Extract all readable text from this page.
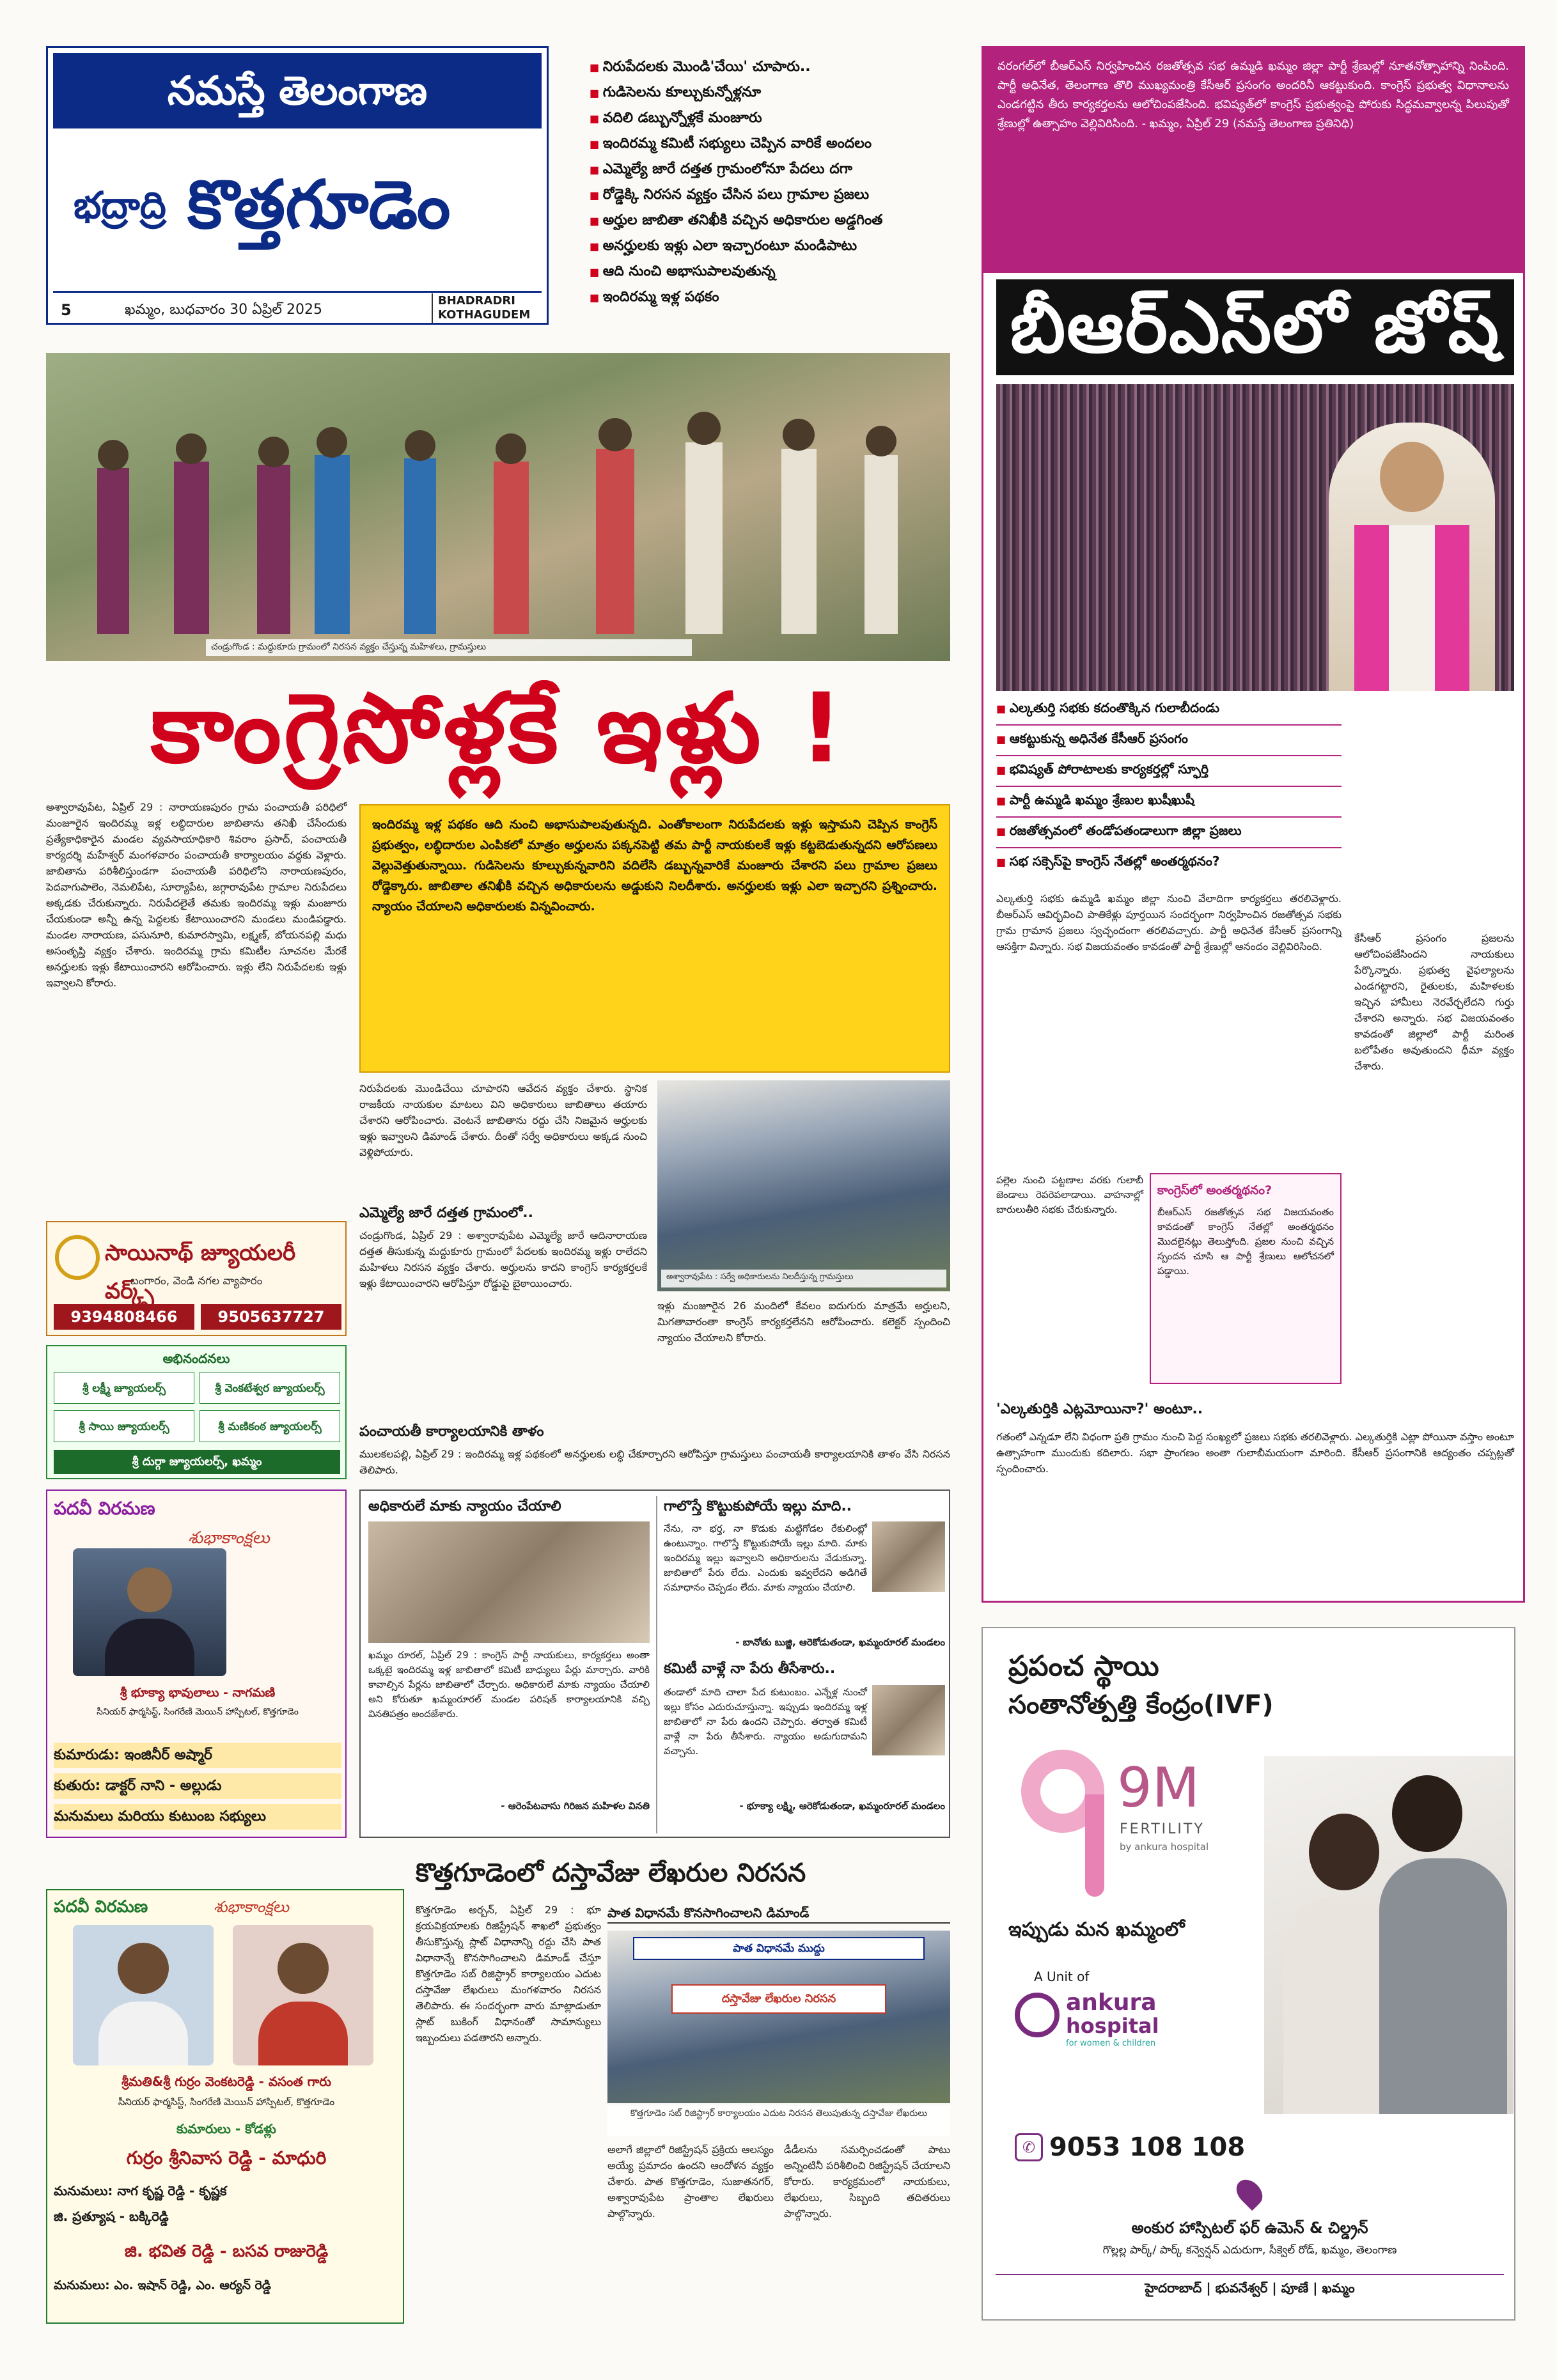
నమస్తే తెలంగాణ
భద్రాద్రి కొత్తగూడెం
5	ఖమ్మం, బుధవారం 30 ఏప్రిల్ 2025
BHADRADRI
KOTHAGUDEM
■ నిరుపేదలకు మొండి'చేయి' చూపారు..
■ గుడిసెలను కూల్చుకున్నోళ్లనూ
■ వదిలి డబ్బున్నోళ్లకే మంజూరు
■ ఇందిరమ్మ కమిటీ సభ్యులు చెప్పిన వారికే అందలం
■ ఎమ్మెల్యే జారే దత్తత గ్రామంలోనూ పేదలు దగా
■ రోడ్డెక్కి నిరసన వ్యక్తం చేసిన పలు గ్రామాల ప్రజలు
■ అర్హుల జాబితా తనిఖీకి వచ్చిన అధికారుల అడ్డగింత
■ అనర్హులకు ఇళ్లు ఎలా ఇచ్చారంటూ మండిపాటు
■ ఆది నుంచి అభాసుపాలవుతున్న
■ ఇందిరమ్మ ఇళ్ల పథకం
చండ్రుగొండ : మద్దుకూరు గ్రామంలో నిరసన వ్యక్తం చేస్తున్న మహిళలు, గ్రామస్తులు
కాంగ్రెసోళ్లకే ఇళ్లు !
అశ్వారావుపేట, ఏప్రిల్ 29 : నారాయణపురం గ్రామ పంచాయతీ పరిధిలో మంజూరైన ఇందిరమ్మ ఇళ్ల లబ్ధిదారుల జాబితాను తనిఖీ చేసేందుకు ప్రత్యేకాధికారైన మండల వ్యవసాయాధికారి శివరాం ప్రసాద్, పంచాయతీ కార్యదర్శి మహేశ్వర్ మంగళవారం పంచాయతీ కార్యాలయం వద్దకు వెళ్లారు. జాబితాను పరిశీలిస్తుండగా పంచాయతీ పరిధిలోని నారాయణపురం, పెదవాగుపాలెం, నెమలిపేట, సూర్యాపేట, జగ్గారావుపేట గ్రామాల నిరుపేదలు అక్కడకు చేరుకున్నారు. నిరుపేదలైతే తమకు ఇందిరమ్మ ఇళ్లు మంజూరు చేయకుండా అన్నీ ఉన్న పెద్దలకు కేటాయించారని మండలు మండిపడ్డారు. మండల నారాయణ, పసునూరి, కుమారస్వామి, లక్ష్మణ్, బోయనపల్లి మధు అసంతృప్తి వ్యక్తం చేశారు. ఇందిరమ్మ గ్రామ కమిటీల సూచనల మేరకే అనర్హులకు ఇళ్లు కేటాయించారని ఆరోపించారు. ఇళ్లు లేని నిరుపేదలకు ఇళ్లు ఇవ్వాలని కోరారు.
ఇందిరమ్మ ఇళ్ల పథకం ఆది నుంచి అభాసుపాలవుతున్నది. ఎంతోకాలంగా నిరుపేదలకు ఇళ్లు ఇస్తామని చెప్పిన కాంగ్రెస్ ప్రభుత్వం, లబ్ధిదారుల ఎంపికలో మాత్రం అర్హులను పక్కనపెట్టి తమ పార్టీ నాయకులకే ఇళ్లు కట్టబెడుతున్నదని ఆరోపణలు వెల్లువెత్తుతున్నాయి. గుడిసెలను కూల్చుకున్నవారిని వదిలేసి డబ్బున్నవారికే మంజూరు చేశారని పలు గ్రామాల ప్రజలు రోడ్డెక్కారు. జాబితాల తనిఖీకి వచ్చిన అధికారులను అడ్డుకుని నిలదీశారు. అనర్హులకు ఇళ్లు ఎలా ఇచ్చారని ప్రశ్నించారు. న్యాయం చేయాలని అధికారులకు విన్నవించారు.
నిరుపేదలకు మొండిచేయి చూపారని ఆవేదన వ్యక్తం చేశారు. స్థానిక రాజకీయ నాయకుల మాటలు విని అధికారులు జాబితాలు తయారు చేశారని ఆరోపించారు. వెంటనే జాబితాను రద్దు చేసి నిజమైన అర్హులకు ఇళ్లు ఇవ్వాలని డిమాండ్ చేశారు. దీంతో సర్వే అధికారులు అక్కడ నుంచి వెళ్లిపోయారు.
అశ్వారావుపేట : సర్వే అధికారులను నిలదీస్తున్న గ్రామస్తులు
ఎమ్మెల్యే జారే దత్తత గ్రామంలో..
చండ్రుగొండ, ఏప్రిల్ 29 : అశ్వారావుపేట ఎమ్మెల్యే జారే ఆదినారాయణ దత్తత తీసుకున్న మద్దుకూరు గ్రామంలో పేదలకు ఇందిరమ్మ ఇళ్లు రాలేదని మహిళలు నిరసన వ్యక్తం చేశారు. అర్హులను కాదని కాంగ్రెస్ కార్యకర్తలకే ఇళ్లు కేటాయించారని ఆరోపిస్తూ రోడ్డుపై బైఠాయించారు.
ఇళ్లు మంజూరైన 26 మందిలో కేవలం ఐదుగురు మాత్రమే అర్హులని, మిగతావారంతా కాంగ్రెస్ కార్యకర్తలేనని ఆరోపించారు. కలెక్టర్ స్పందించి న్యాయం చేయాలని కోరారు.
పంచాయతీ కార్యాలయానికి తాళం
ములకలపల్లి, ఏప్రిల్ 29 : ఇందిరమ్మ ఇళ్ల పథకంలో అనర్హులకు లబ్ధి చేకూర్చారని ఆరోపిస్తూ గ్రామస్తులు పంచాయతీ కార్యాలయానికి తాళం వేసి నిరసన తెలిపారు.
సాయినాథ్ జ్యూయలరీ వర్క్స్
బంగారం, వెండి నగల వ్యాపారం
9394808466	9505637727
అభినందనలు
శ్రీ లక్ష్మీ జ్యూయలర్స్	శ్రీ వెంకటేశ్వర జ్యూయలర్స్
శ్రీ సాయి జ్యూయలర్స్	శ్రీ మణికంఠ జ్యూయలర్స్
శ్రీ దుర్గా జ్యూయలర్స్, ఖమ్మం
పదవీ విరమణ
శుభాకాంక్షలు
శ్రీ భూక్యా భావులాలు - నాగమణి
సీనియర్ ఫార్మసిస్ట్, సింగరేణి మెయిన్ హాస్పిటల్, కొత్తగూడెం
కుమారుడు: ఇంజినీర్ అష్మార్
కుతురు: డాక్టర్ నాని - అల్లుడు
మనుమలు మరియు కుటుంబ సభ్యులు
పదవీ విరమణ	శుభాకాంక్షలు
శ్రీమతి&శ్రీ గుర్రం వెంకటరెడ్డి - వసంత గారు
సీనియర్ ఫార్మసిస్ట్, సింగరేణి మెయిన్ హాస్పిటల్, కొత్తగూడెం
కుమారులు - కోడళ్లు
గుర్రం శ్రీనివాస రెడ్డి - మాధురి
మనుమలు: నాగ కృష్ణ రెడ్డి - కృష్ణక
జి. ప్రత్యూష - బక్కిరెడ్డి
జి. భవిత రెడ్డి - బసవ రాజురెడ్డి
మనుమలు: ఎం. ఇషాన్ రెడ్డి, ఎం. ఆర్యన్ రెడ్డి
అధికారులే మాకు న్యాయం చేయాలి
ఖమ్మం రూరల్, ఏప్రిల్ 29 : కాంగ్రెస్ పార్టీ నాయకులు, కార్యకర్తలు అంతా ఒక్కటై ఇందిరమ్మ ఇళ్ల జాబితాలో కమిటీ బాధ్యులు పేర్లు మార్చారు. వారికి కావాల్సిన పేర్లను జాబితాలో చేర్చారు. అధికారులే మాకు న్యాయం చేయాలి అని కోరుతూ ఖమ్మంరూరల్ మండల పరిషత్ కార్యాలయానికి వచ్చి వినతిపత్రం అందజేశారు.
- ఆరెంపేటవాసు గిరిజన మహిళల వినతి
గాలొస్తే కొట్టుకుపోయే ఇల్లు మాది..
నేను, నా భర్త, నా కొడుకు మట్టిగోడల రేకులింట్లో ఉంటున్నాం. గాలొస్తే కొట్టుకుపోయే ఇల్లు మాది. మాకు ఇందిరమ్మ ఇల్లు ఇవ్వాలని అధికారులను వేడుకున్నా. జాబితాలో పేరు లేదు. ఎందుకు ఇవ్వలేదని అడిగితే సమాధానం చెప్పడం లేదు. మాకు న్యాయం చేయాలి.
- బానోతు బుజ్జి, ఆరెకోడుతండా, ఖమ్మంరూరల్ మండలం
కమిటీ వాళ్లే నా పేరు తీసేశారు..
తండాలో మాది చాలా పేద కుటుంబం. ఎన్నేళ్ల నుంచో ఇల్లు కోసం ఎదురుచూస్తున్నా. ఇప్పుడు ఇందిరమ్మ ఇళ్ల జాబితాలో నా పేరు ఉందని చెప్పారు. తర్వాత కమిటీ వాళ్లే నా పేరు తీసేశారు. న్యాయం అడుగుదామని వచ్చాను.
- భూక్యా లక్ష్మి, ఆరెకోడుతండా, ఖమ్మంరూరల్ మండలం
కొత్తగూడెంలో దస్తావేజు లేఖరుల నిరసన
కొత్తగూడెం అర్బన్, ఏప్రిల్ 29 : భూ క్రయవిక్రయాలకు రిజిస్ట్రేషన్ శాఖలో ప్రభుత్వం తీసుకొస్తున్న స్లాట్ విధానాన్ని రద్దు చేసి పాత విధానాన్నే కొనసాగించాలని డిమాండ్ చేస్తూ కొత్తగూడెం సబ్ రిజిస్ట్రార్ కార్యాలయం ఎదుట దస్తావేజు లేఖరులు మంగళవారం నిరసన తెలిపారు. ఈ సందర్భంగా వారు మాట్లాడుతూ స్లాట్ బుకింగ్ విధానంతో సామాన్యులు ఇబ్బందులు పడతారని అన్నారు.
పాత విధానమే కొనసాగించాలని డిమాండ్
పాత విధానమే ముద్దు
దస్తావేజు లేఖరుల నిరసన
కొత్తగూడెం సబ్ రిజిస్ట్రార్ కార్యాలయం ఎదుట నిరసన తెలుపుతున్న దస్తావేజు లేఖరులు
అలాగే జిల్లాలో రిజిస్ట్రేషన్ ప్రక్రియ ఆలస్యం అయ్యే ప్రమాదం ఉందని ఆందోళన వ్యక్తం చేశారు. పాత కొత్తగూడెం, సుజాతనగర్, అశ్వారావుపేట ప్రాంతాల లేఖరులు పాల్గొన్నారు.
డీడీలను సమర్పించడంతో పాటు అన్నింటినీ పరిశీలించి రిజిస్ట్రేషన్ చేయాలని కోరారు. కార్యక్రమంలో నాయకులు, లేఖరులు, సిబ్బంది తదితరులు పాల్గొన్నారు.
వరంగల్‌లో బీఆర్‌ఎస్ నిర్వహించిన రజతోత్సవ సభ ఉమ్మడి ఖమ్మం జిల్లా పార్టీ శ్రేణుల్లో నూతనోత్సాహాన్ని నింపింది. పార్టీ అధినేత, తెలంగాణ తొలి ముఖ్యమంత్రి కేసీఆర్ ప్రసంగం అందరినీ ఆకట్టుకుంది. కాంగ్రెస్ ప్రభుత్వ విధానాలను ఎండగట్టిన తీరు కార్యకర్తలను ఆలోచింపజేసింది. భవిష్యత్‌లో కాంగ్రెస్ ప్రభుత్వంపై పోరుకు సిద్ధమవ్వాలన్న పిలుపుతో శ్రేణుల్లో ఉత్సాహం వెల్లివిరిసింది. - ఖమ్మం, ఏప్రిల్ 29 (నమస్తే తెలంగాణ ప్రతినిధి)
బీఆర్‌ఎస్‌లో జోష్
■ ఎల్కతుర్తి సభకు కదంతొక్కిన గులాబీదండు
■ ఆకట్టుకున్న అధినేత కేసీఆర్ ప్రసంగం
■ భవిష్యత్ పోరాటాలకు కార్యకర్తల్లో స్ఫూర్తి
■ పార్టీ ఉమ్మడి ఖమ్మం శ్రేణుల ఖుషీఖుషీ
■ రజతోత్సవంలో తండోపతండాలుగా జిల్లా ప్రజలు
■ సభ సక్సెస్‌పై కాంగ్రెస్ నేతల్లో అంతర్మథనం?
ఎల్కతుర్తి సభకు ఉమ్మడి ఖమ్మం జిల్లా నుంచి వేలాదిగా కార్యకర్తలు తరలివెళ్లారు. బీఆర్‌ఎస్ ఆవిర్భవించి పాతికేళ్లు పూర్తయిన సందర్భంగా నిర్వహించిన రజతోత్సవ సభకు గ్రామ గ్రామాన ప్రజలు స్వచ్ఛందంగా తరలివచ్చారు. పార్టీ అధినేత కేసీఆర్ ప్రసంగాన్ని ఆసక్తిగా విన్నారు. సభ విజయవంతం కావడంతో పార్టీ శ్రేణుల్లో ఆనందం వెల్లివిరిసింది.
కేసీఆర్ ప్రసంగం ప్రజలను ఆలోచింపజేసిందని నాయకులు పేర్కొన్నారు. ప్రభుత్వ వైఫల్యాలను ఎండగట్టారని, రైతులకు, మహిళలకు ఇచ్చిన హామీలు నెరవేర్చలేదని గుర్తు చేశారని అన్నారు. సభ విజయవంతం కావడంతో జిల్లాలో పార్టీ మరింత బలోపేతం అవుతుందని ధీమా వ్యక్తం చేశారు.
కాంగ్రెస్‌లో అంతర్మథనం?
బీఆర్‌ఎస్ రజతోత్సవ సభ విజయవంతం కావడంతో కాంగ్రెస్ నేతల్లో అంతర్మథనం మొదలైనట్లు తెలుస్తోంది. ప్రజల నుంచి వచ్చిన స్పందన చూసి ఆ పార్టీ శ్రేణులు ఆలోచనలో పడ్డాయి.
పల్లెల నుంచి పట్టణాల వరకు గులాబీ జెండాలు రెపరెపలాడాయి. వాహనాల్లో బారులుతీరి సభకు చేరుకున్నారు.
'ఎల్కతుర్తికి ఎట్లమోయినా?' అంటూ..
గతంలో ఎన్నడూ లేని విధంగా ప్రతి గ్రామం నుంచి పెద్ద సంఖ్యలో ప్రజలు సభకు తరలివెళ్లారు. ఎల్కతుర్తికి ఎట్లా పోయినా వస్తాం అంటూ ఉత్సాహంగా ముందుకు కదిలారు. సభా ప్రాంగణం అంతా గులాబీమయంగా మారింది. కేసీఆర్ ప్రసంగానికి ఆద్యంతం చప్పట్లతో స్పందించారు.
ప్రపంచ స్థాయి
సంతానోత్పత్తి కేంద్రం(IVF)
9M
FERTILITY
by ankura hospital
ఇప్పుడు మన ఖమ్మంలో
A Unit of
ankura
hospital
for women & children
✆ 9053 108 108
అంకుర హాస్పిటల్ ఫర్ ఉమెన్ & చిల్డ్రన్
గొల్లల్ల పార్క్/ పార్క్ కన్వెన్షన్ ఎదురుగా, సీక్వెల్ రోడ్, ఖమ్మం, తెలంగాణ
హైదరాబాద్ | భువనేశ్వర్ | పూణే | ఖమ్మం
